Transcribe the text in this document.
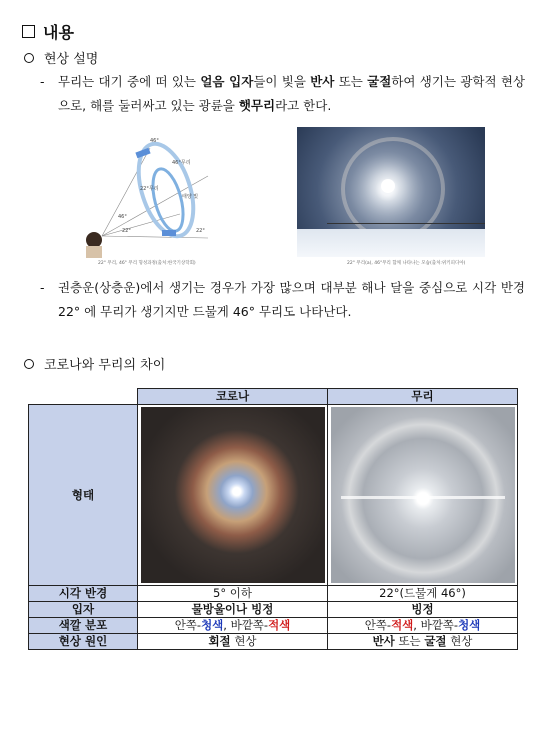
내용
현상 설명
-	무리는 대기 중에 떠 있는 얼음 입자들이 빛을 반사 또는 굴절하여 생기는 광학적 현상으로, 해를 둘러싸고 있는 광륜을 햇무리라고 한다.
46°
46°무리
22°무리
태양 빛
46°
22°	22°
22° 무리, 46° 무리 형성과정(출처:한국기상학회)	22° 무리(a), 46°무리 함께 나타나는 모습(출처:위키피디아)
-	권층운(상층운)에서 생기는 경우가 가장 많으며 대부분 해나 달을 중심으로 시각 반경 22° 에 무리가 생기지만 드물게 46° 무리도 나타난다.
코로나와 무리의 차이
	코로나	무리
형태	

시각 반경	5° 이하	22°(드물게 46°)
입자	물방울이나 빙정	빙정
색깔 분포	안쪽-청색, 바깥쪽-적색	안쪽-적색, 바깥쪽-청색
현상 원인	회절 현상	반사 또는 굴절 현상
